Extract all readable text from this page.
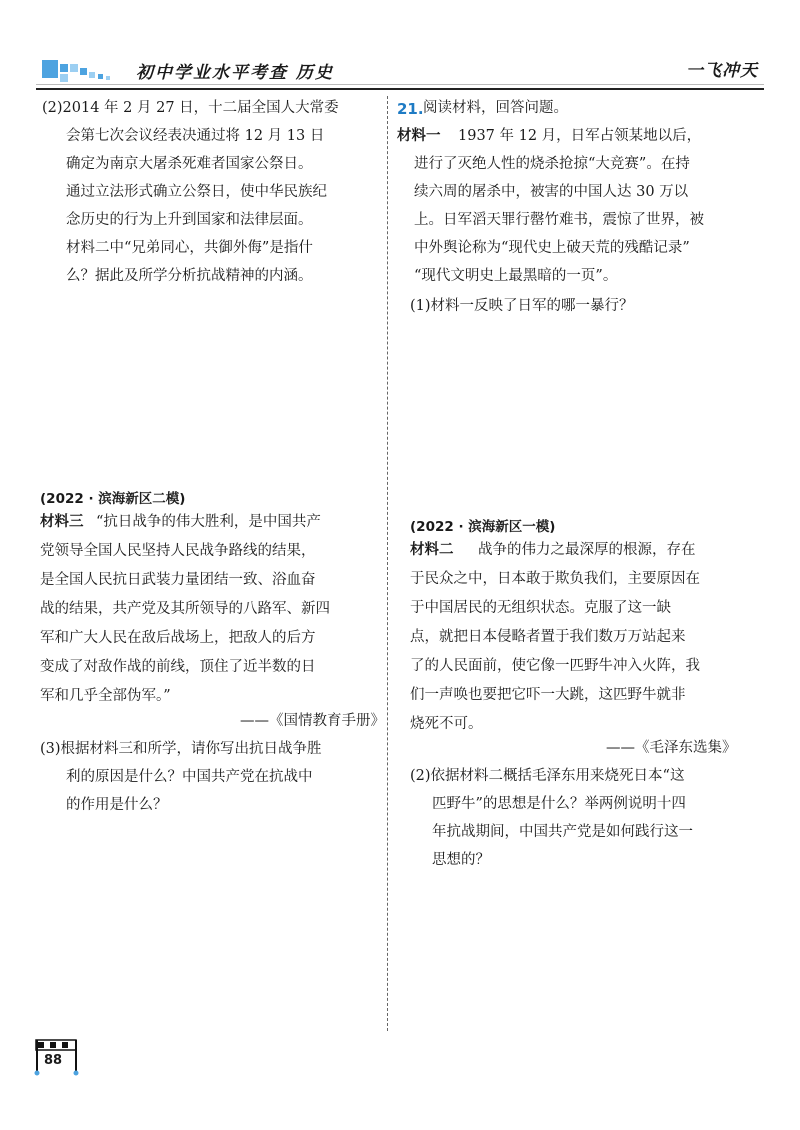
初中学业水平考查 历史	一飞冲天
(2)2014 年 2 月 27 日，十二届全国人大常委
会第七次会议经表决通过将 12 月 13 日
确定为南京大屠杀死难者国家公祭日。
通过立法形式确立公祭日，使中华民族纪
念历史的行为上升到国家和法律层面。
材料二中“兄弟同心，共御外侮”是指什
么？据此及所学分析抗战精神的内涵。
(2022 · 滨海新区二模)
材料三 “抗日战争的伟大胜利，是中国共产
党领导全国人民坚持人民战争路线的结果，
是全国人民抗日武装力量团结一致、浴血奋
战的结果，共产党及其所领导的八路军、新四
军和广大人民在敌后战场上，把敌人的后方
变成了对敌作战的前线，顶住了近半数的日
军和几乎全部伪军。”
——《国情教育手册》
(3)根据材料三和所学，请你写出抗日战争胜
利的原因是什么？中国共产党在抗战中
的作用是什么？
21. 阅读材料，回答问题。
材料一 1937 年 12 月，日军占领某地以后，
进行了灭绝人性的烧杀抢掠“大竞赛”。在持
续六周的屠杀中，被害的中国人达 30 万以
上。日军滔天罪行罄竹难书，震惊了世界，被
中外舆论称为“现代史上破天荒的残酷记录”
“现代文明史上最黑暗的一页”。
(1)材料一反映了日军的哪一暴行？
(2022 · 滨海新区一模)
材料二 战争的伟力之最深厚的根源，存在
于民众之中，日本敢于欺负我们，主要原因在
于中国居民的无组织状态。克服了这一缺
点，就把日本侵略者置于我们数万万站起来
了的人民面前，使它像一匹野牛冲入火阵，我
们一声唤也要把它吓一大跳，这匹野牛就非
烧死不可。
——《毛泽东选集》
(2)依据材料二概括毛泽东用来烧死日本“这
匹野牛”的思想是什么？举两例说明十四
年抗战期间，中国共产党是如何践行这一
思想的？
88
